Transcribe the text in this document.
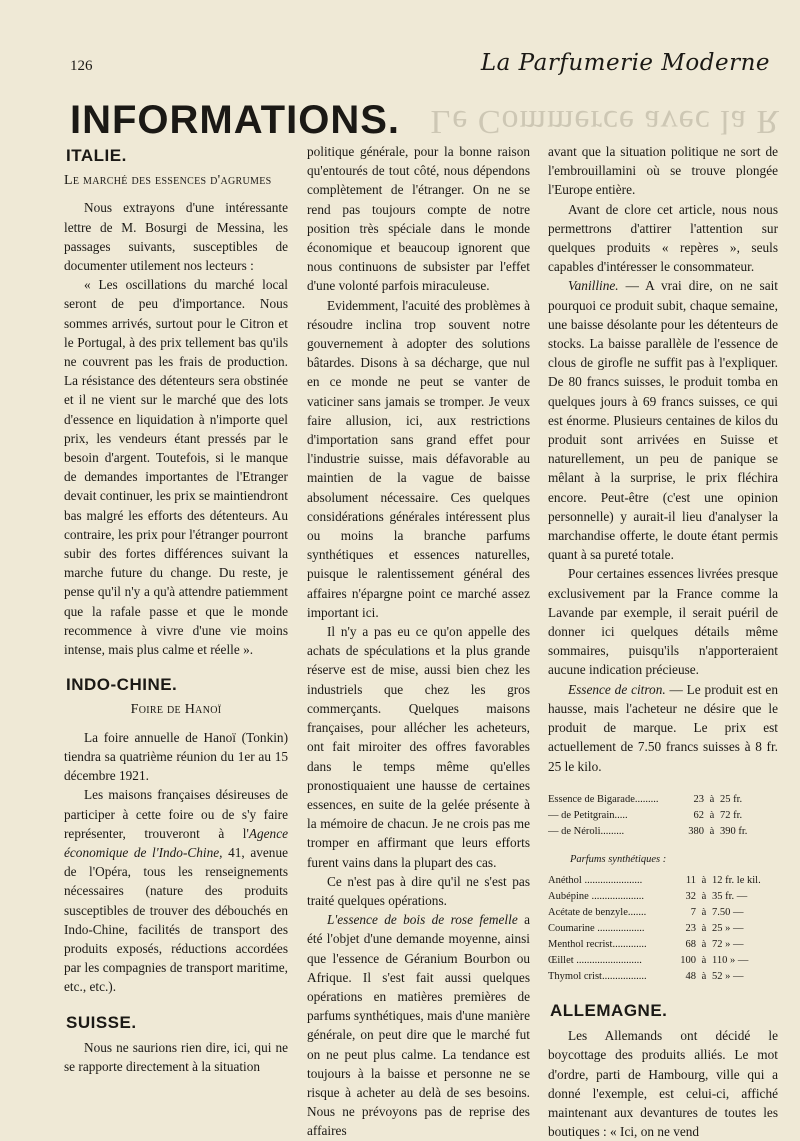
126	La Parfumerie Moderne
Le Commerce avec la R
INFORMATIONS.
ITALIE.
Le marché des essences d'agrumes

Nous extrayons d'une intéressante lettre de M. Bosurgi de Messina, les passages suivants, susceptibles de documenter utilement nos lecteurs :

« Les oscillations du marché local seront de peu d'importance. Nous sommes arrivés, surtout pour le Citron et le Portugal, à des prix tellement bas qu'ils ne couvrent pas les frais de production. La résistance des détenteurs sera obstinée et il ne vient sur le marché que des lots d'essence en liquidation à n'importe quel prix, les vendeurs étant pressés par le besoin d'argent. Toutefois, si le manque de demandes importantes de l'Etranger devait continuer, les prix se maintiendront bas malgré les efforts des détenteurs. Au contraire, les prix pour l'étranger pourront subir des fortes différences suivant la marche future du change. Du reste, je pense qu'il n'y a qu'à attendre patiemment que la rafale passe et que le monde recommence à vivre d'une vie moins intense, mais plus calme et réelle ».

INDO-CHINE.
Foire de Hanoï

La foire annuelle de Hanoï (Tonkin) tiendra sa quatrième réunion du 1er au 15 décembre 1921.

Les maisons françaises désireuses de participer à cette foire ou de s'y faire représenter, trouveront à l'Agence économique de l'Indo-Chine, 41, avenue de l'Opéra, tous les renseignements nécessaires (nature des produits susceptibles de trouver des débouchés en Indo-Chine, facilités de transport des produits exposés, réductions accordées par les compagnies de transport maritime, etc., etc.).

SUISSE.

Nous ne saurions rien dire, ici, qui ne se rapporte directement à la situation

politique générale, pour la bonne raison qu'entourés de tout côté, nous dépendons complètement de l'étranger. On ne se rend pas toujours compte de notre position très spéciale dans le monde économique et beaucoup ignorent que nous continuons de subsister par l'effet d'une volonté parfois miraculeuse.

Evidemment, l'acuité des problèmes à résoudre inclina trop souvent notre gouvernement à adopter des solutions bâtardes. Disons à sa décharge, que nul en ce monde ne peut se vanter de vaticiner sans jamais se tromper. Je veux faire allusion, ici, aux restrictions d'importation sans grand effet pour l'industrie suisse, mais défavorable au maintien de la vague de baisse absolument nécessaire. Ces quelques considérations générales intéressent plus ou moins la branche parfums synthétiques et essences naturelles, puisque le ralentissement général des affaires n'épargne point ce marché assez important ici.

Il n'y a pas eu ce qu'on appelle des achats de spéculations et la plus grande réserve est de mise, aussi bien chez les industriels que chez les gros commerçants. Quelques maisons françaises, pour allécher les acheteurs, ont fait miroiter des offres favorables dans le temps même qu'elles pronostiquaient une hausse de certaines essences, en suite de la gelée présente à la mémoire de chacun. Je ne crois pas me tromper en affirmant que leurs efforts furent vains dans la plupart des cas.

Ce n'est pas à dire qu'il ne s'est pas traité quelques opérations.

L'essence de bois de rose femelle a été l'objet d'une demande moyenne, ainsi que l'essence de Géranium Bourbon ou Afrique. Il s'est fait aussi quelques opérations en matières premières de parfums synthétiques, mais d'une manière générale, on peut dire que le marché fut on ne peut plus calme. La tendance est toujours à la baisse et personne ne se risque à acheter au delà de ses besoins. Nous ne prévoyons pas de reprise des affaires

avant que la situation politique ne sort de l'embrouillamini où se trouve plongée l'Europe entière.

Avant de clore cet article, nous nous permettrons d'attirer l'attention sur quelques produits « repères », seuls capables d'intéresser le consommateur.

Vanilline. — A vrai dire, on ne sait pourquoi ce produit subit, chaque semaine, une baisse désolante pour les détenteurs de stocks. La baisse parallèle de l'essence de clous de girofle ne suffit pas à l'expliquer. De 80 francs suisses, le produit tomba en quelques jours à 69 francs suisses, ce qui est énorme. Plusieurs centaines de kilos du produit sont arrivées en Suisse et naturellement, un peu de panique se mêlant à la surprise, le prix fléchira encore. Peut-être (c'est une opinion personnelle) y aurait-il lieu d'analyser la marchandise offerte, le doute étant permis quant à sa pureté totale.

Pour certaines essences livrées presque exclusivement par la France comme la Lavande par exemple, il serait puéril de donner ici quelques détails même sommaires, puisqu'ils n'apporteraient aucune indication précieuse.

Essence de citron. — Le produit est en hausse, mais l'acheteur ne désire que le produit de marque. Le prix est actuellement de 7.50 francs suisses à 8 fr. 25 le kilo.

Essence de Bigarade.........	23 à 25 fr.
— de Petitgrain.....	62 à 72 fr.
— de Néroli.........	380 à 390 fr.
Parfums synthétiques :
Anéthol ......................	11 à 12 fr. le kil.
Aubépine ....................	32 à 35 fr. —
Acétate de benzyle.......	7 à 7.50 —
Coumarine ..................	23 à 25 » —
Menthol recrist.............	68 à 72 » —
Œillet .........................	100 à 110 » —
Thymol crist.................	48 à 52 » —
ALLEMAGNE.

Les Allemands ont décidé le boycottage des produits alliés. Le mot d'ordre, parti de Hambourg, ville qui a donné l'exemple, est celui-ci, affiché maintenant aux devantures de toutes les boutiques : « Ici, on ne vend
